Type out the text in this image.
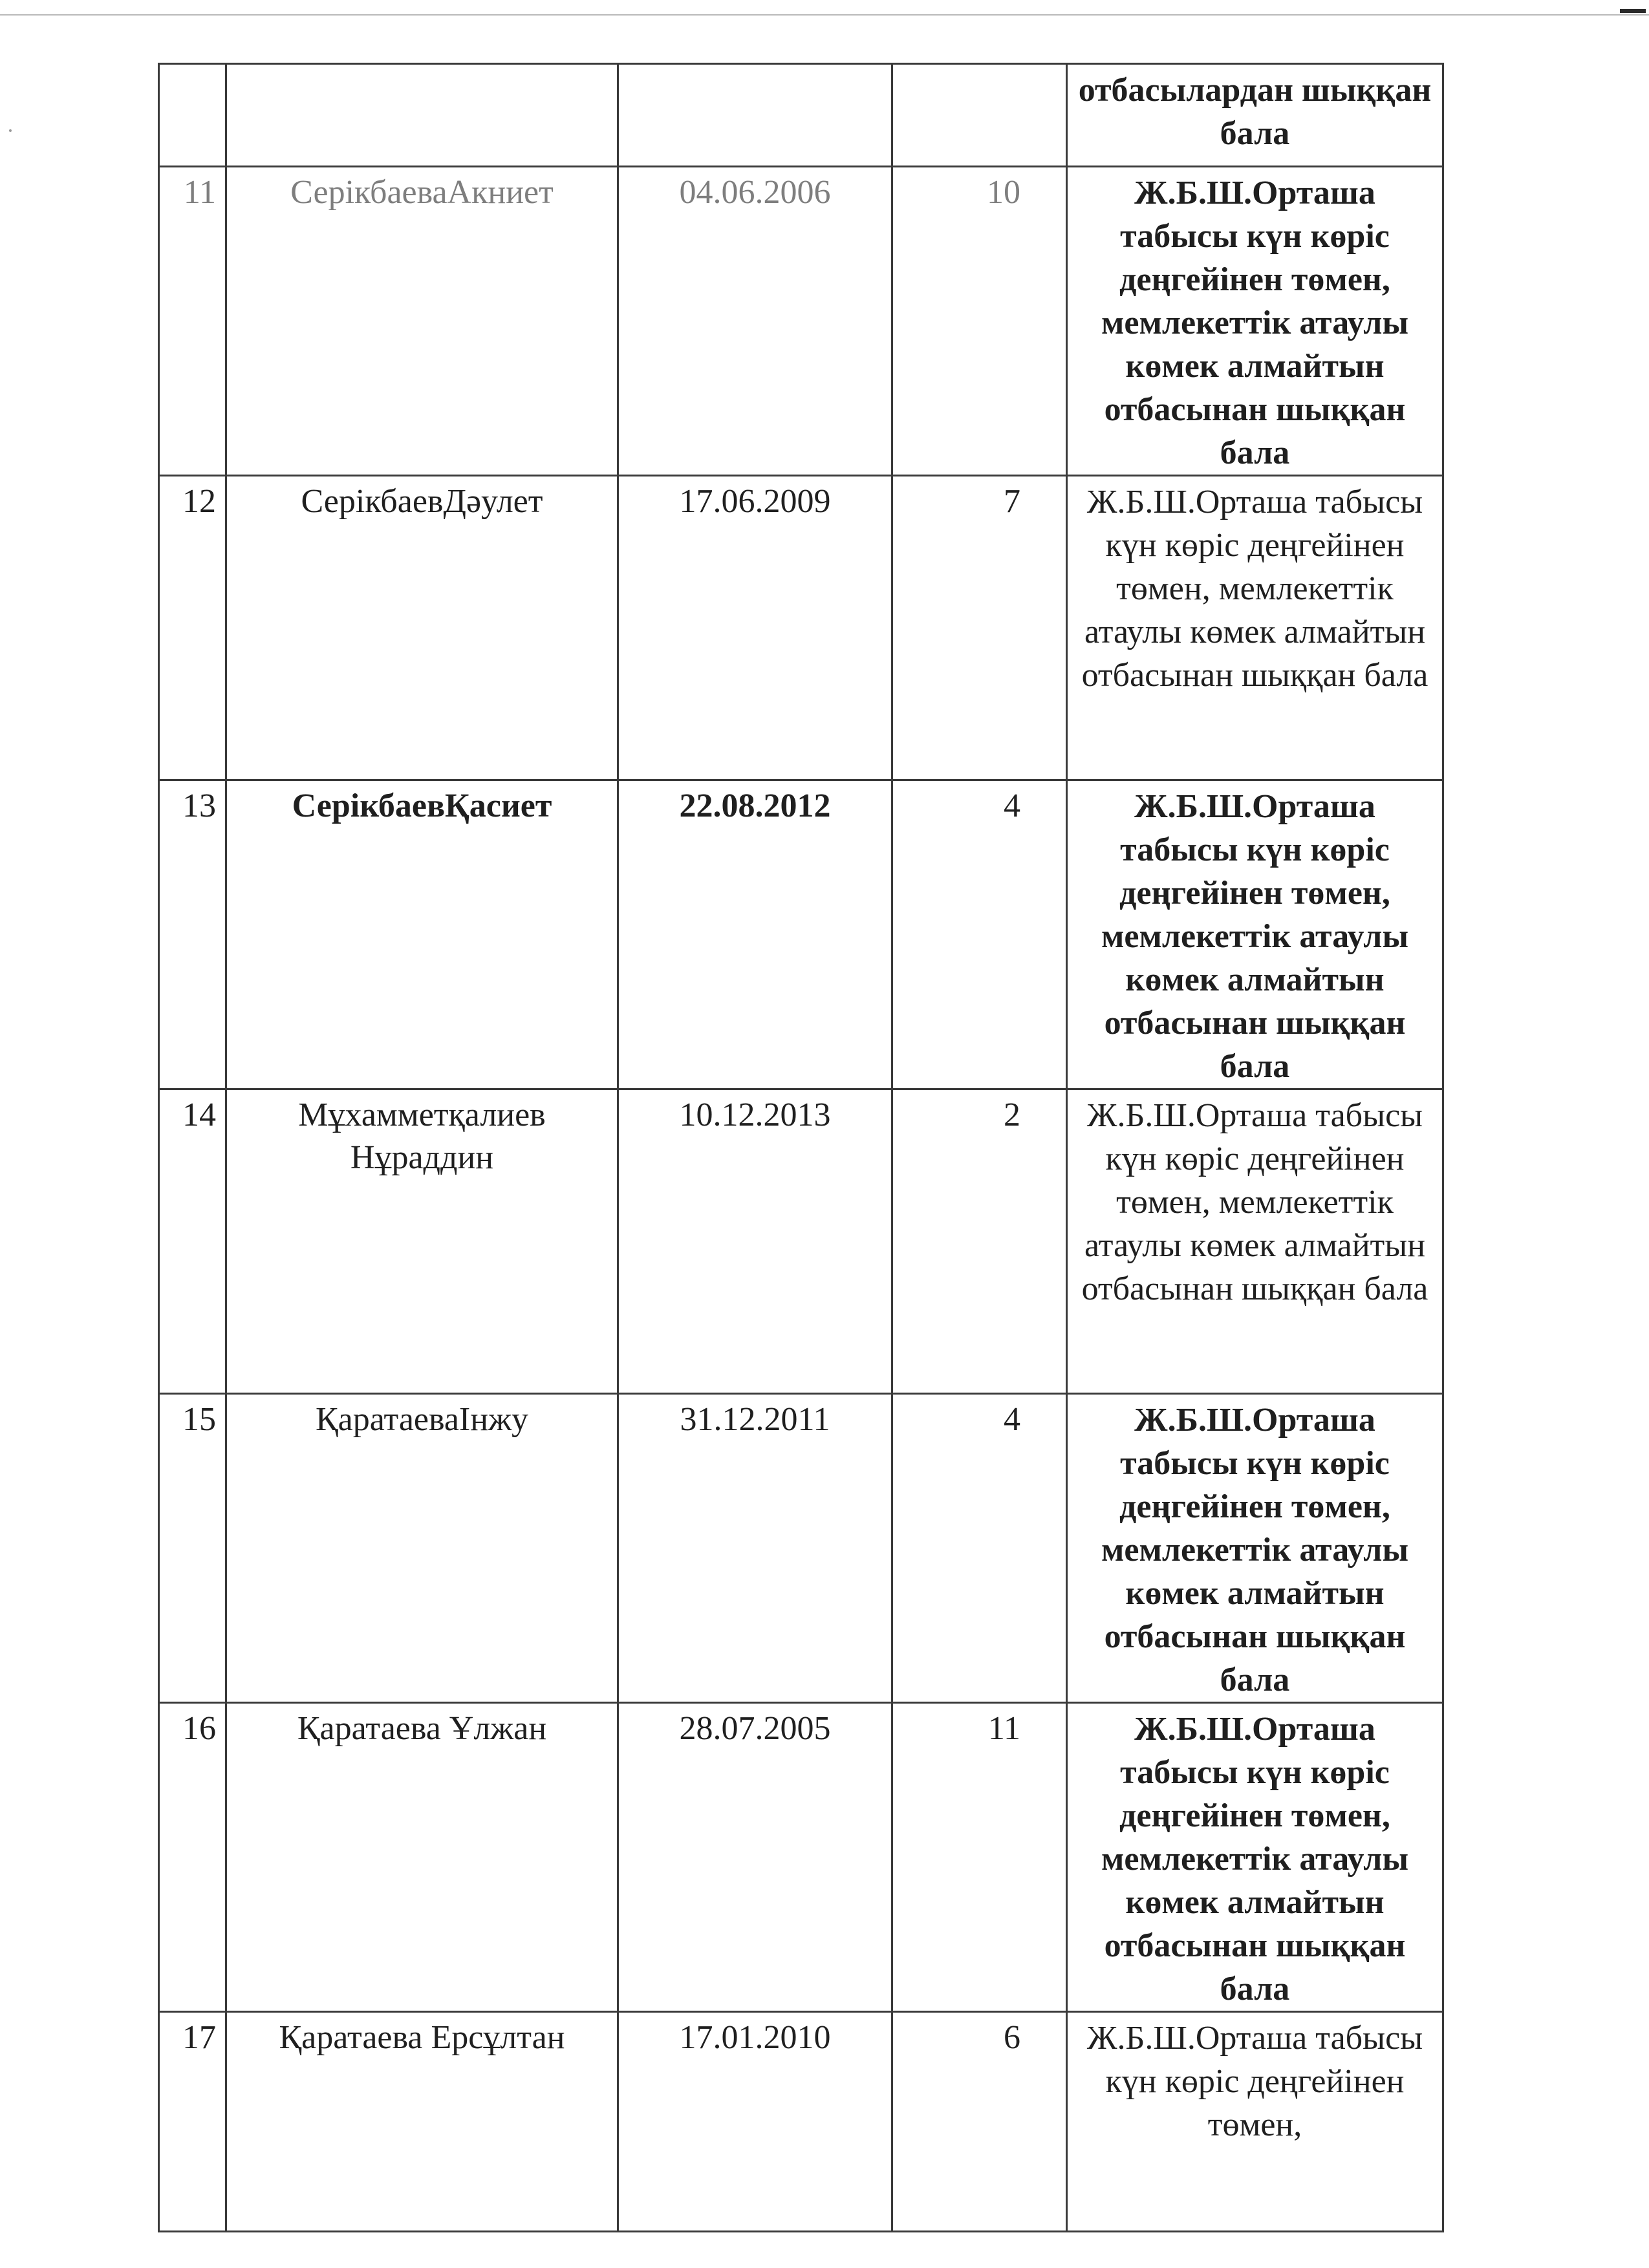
				отбасылардан шыққан бала
11	СерікбаеваАкниет	04.06.2006	10	Ж.Б.Ш.Орташа табысы күн көріс деңгейінен төмен, мемлекеттік атаулы көмек алмайтын отбасынан шыққан бала
12	СерікбаевДәулет	17.06.2009	7	Ж.Б.Ш.Орташа табысы күн көріс деңгейінен төмен, мемлекеттік атаулы көмек алмайтын отбасынан шыққан бала
13	СерікбаевҚасиет	22.08.2012	4	Ж.Б.Ш.Орташа табысы күн көріс деңгейінен төмен, мемлекеттік атаулы көмек алмайтын отбасынан шыққан бала
14	Мұхамметқалиев Нұраддин	10.12.2013	2	Ж.Б.Ш.Орташа табысы күн көріс деңгейінен төмен, мемлекеттік атаулы көмек алмайтын отбасынан шыққан бала
15	ҚаратаеваІнжу	31.12.2011	4	Ж.Б.Ш.Орташа табысы күн көріс деңгейінен төмен, мемлекеттік атаулы көмек алмайтын отбасынан шыққан бала
16	Қаратаева Ұлжан	28.07.2005	11	Ж.Б.Ш.Орташа табысы күн көріс деңгейінен төмен, мемлекеттік атаулы көмек алмайтын отбасынан шыққан бала
17	Қаратаева Ерсұлтан	17.01.2010	6	Ж.Б.Ш.Орташа табысы күн көріс деңгейінен төмен,
